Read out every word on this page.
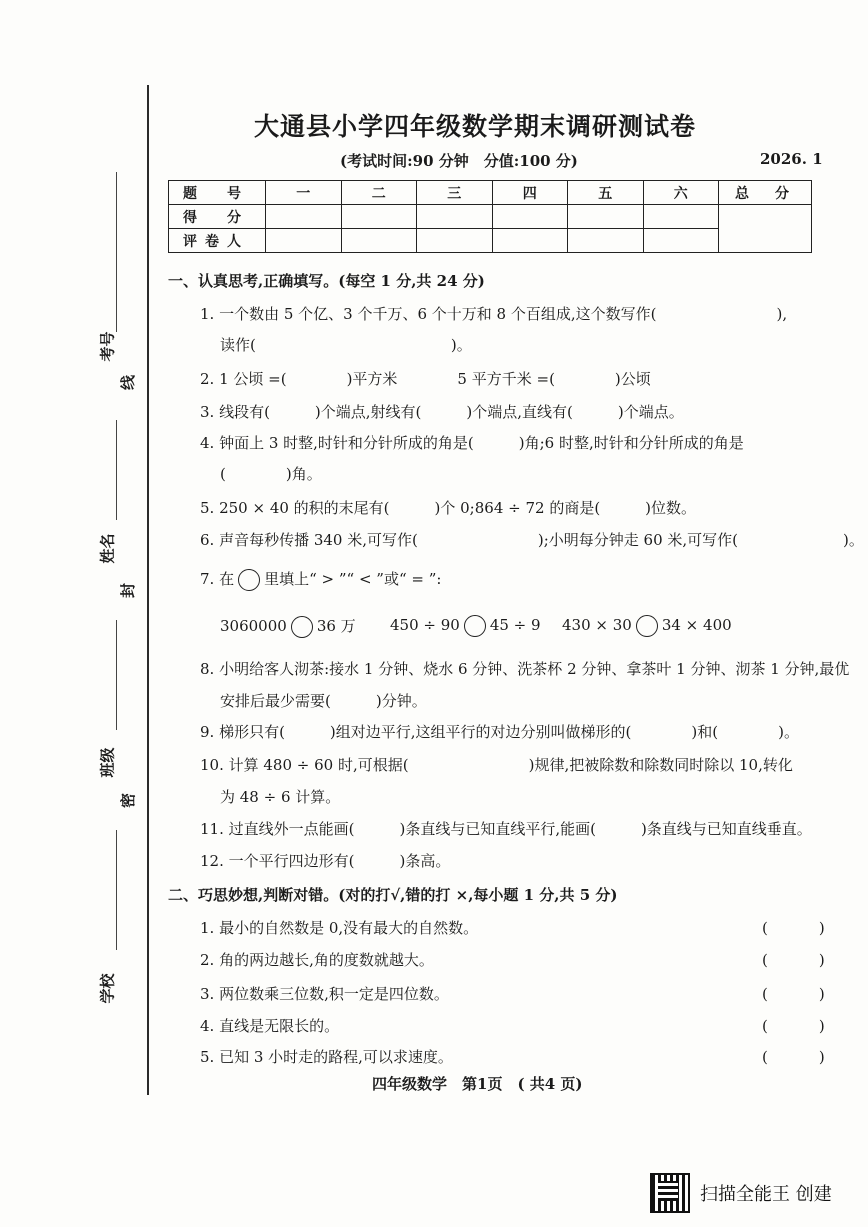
考号
线
姓名
封
班级
密
学校
大通县小学四年级数学期末调研测试卷
(考试时间:90 分钟　分值:100 分)	2026. 1
题　号	一	二	三	四	五	六	总　分
得　分							
评卷人							
一、认真思考,正确填写。(每空 1 分,共 24 分)
1. 一个数由 5 个亿、3 个千万、6 个十万和 8 个百组成,这个数写作(　　　　　　　　),
读作(　　　　　　　　　　　　　)。
2. 1 公顷 =(　　　　)平方米　　　　5 平方千米 =(　　　　)公顷
3. 线段有(　　　)个端点,射线有(　　　)个端点,直线有(　　　)个端点。
4. 钟面上 3 时整,时针和分针所成的角是(　　　)角;6 时整,时针和分针所成的角是
(　　　　)角。
5. 250 × 40 的积的末尾有(　　　)个 0;864 ÷ 72 的商是(　　　)位数。
6. 声音每秒传播 340 米,可写作(　　　　　　　　);小明每分钟走 60 米,可写作(　　　　　　　)。
7. 在 里填上“ > ”“ < ”或“ = ”:
3060000 36 万 450 ÷ 90 45 ÷ 9 430 × 30 34 × 400
8. 小明给客人沏茶:接水 1 分钟、烧水 6 分钟、洗茶杯 2 分钟、拿茶叶 1 分钟、沏茶 1 分钟,最优
安排后最少需要(　　　)分钟。
9. 梯形只有(　　　)组对边平行,这组平行的对边分别叫做梯形的(　　　　)和(　　　　)。
10. 计算 480 ÷ 60 时,可根据(　　　　　　　　)规律,把被除数和除数同时除以 10,转化
为 48 ÷ 6 计算。
11. 过直线外一点能画(　　　)条直线与已知直线平行,能画(　　　)条直线与已知直线垂直。
12. 一个平行四边形有(　　　)条高。
二、巧思妙想,判断对错。(对的打√,错的打 ×,每小题 1 分,共 5 分)
1. 最小的自然数是 0,没有最大的自然数。	(　)
2. 角的两边越长,角的度数就越大。	(　)
3. 两位数乘三位数,积一定是四位数。	(　)
4. 直线是无限长的。	(　)
5. 已知 3 小时走的路程,可以求速度。	(　)
四年级数学　第1页　( 共4 页)
扫描全能王 创建
